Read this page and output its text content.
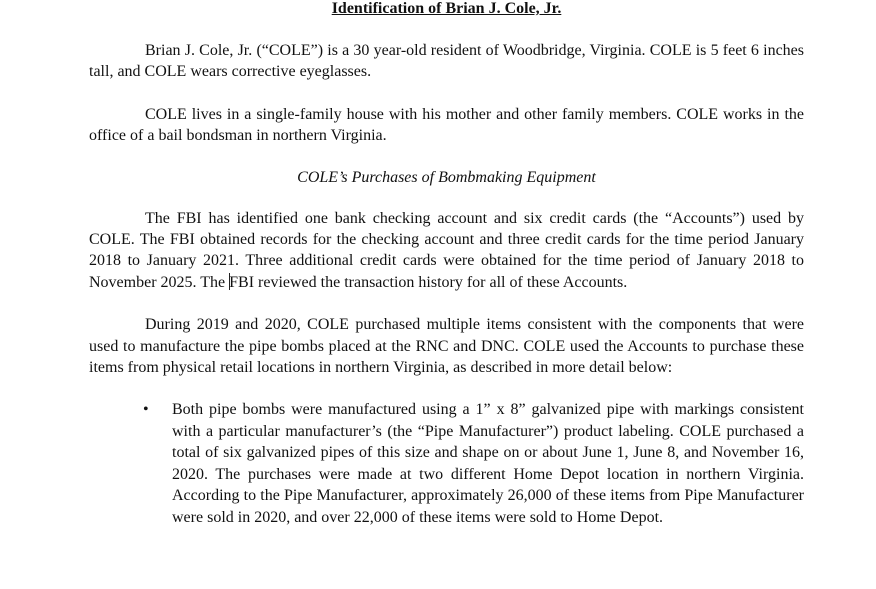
Identification of Brian J. Cole, Jr.

Brian J. Cole, Jr. (“COLE”) is a 30 year-old resident of Woodbridge, Virginia. COLE is 5 feet 6 inches tall, and COLE wears corrective eyeglasses.

COLE lives in a single-family house with his mother and other family members. COLE works in the office of a bail bondsman in northern Virginia.

COLE’s Purchases of Bombmaking Equipment

The FBI has identified one bank checking account and six credit cards (the “Accounts”) used by COLE. The FBI obtained records for the checking account and three credit cards for the time period January 2018 to January 2021. Three additional credit cards were obtained for the time period of January 2018 to November 2025. The FBI reviewed the transaction history for all of these Accounts.

During 2019 and 2020, COLE purchased multiple items consistent with the components that were used to manufacture the pipe bombs placed at the RNC and DNC. COLE used the Accounts to purchase these items from physical retail locations in northern Virginia, as described in more detail below:

• Both pipe bombs were manufactured using a 1” x 8” galvanized pipe with markings consistent with a particular manufacturer’s (the “Pipe Manufacturer”) product labeling. COLE purchased a total of six galvanized pipes of this size and shape on or about June 1, June 8, and November 16, 2020. The purchases were made at two different Home Depot location in northern Virginia. According to the Pipe Manufacturer, approximately 26,000 of these items from Pipe Manufacturer were sold in 2020, and over 22,000 of these items were sold to Home Depot.
